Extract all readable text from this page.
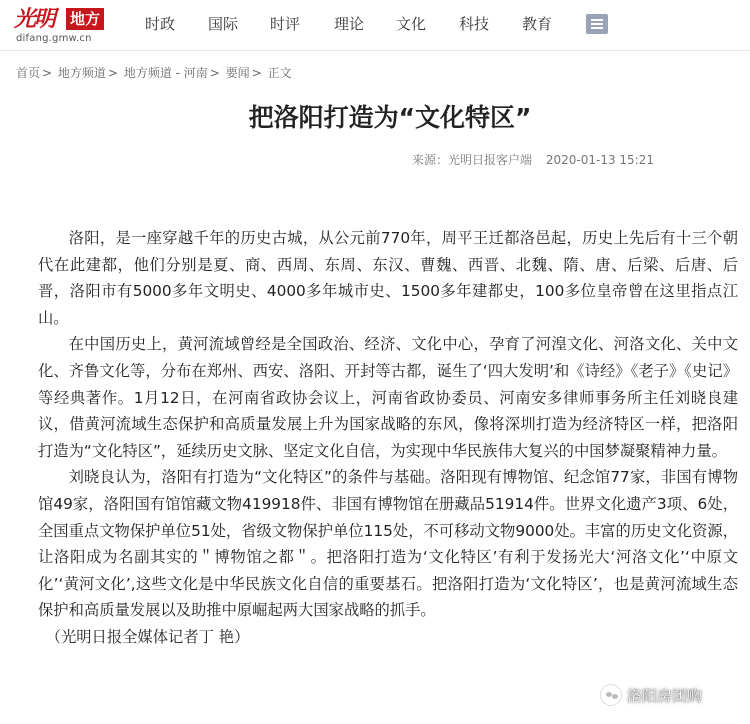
光明 地方
difang.gmw.cn
时政 国际 时评 理论 文化 科技 教育
首页 > 地方频道 > 地方频道 - 河南 > 要闻 > 正文
把洛阳打造为“文化特区”
来源：光明日报客户端 2020-01-13 15:21

洛阳，是一座穿越千年的历史古城，从公元前770年，周平王迁都洛邑起，历史上先后有十三个朝代在此建都，他们分别是夏、商、西周、东周、东汉、曹魏、西晋、北魏、隋、唐、后梁、后唐、后晋，洛阳市有5000多年文明史、4000多年城市史、1500多年建都史，100多位皇帝曾在这里指点江山。

在中国历史上，黄河流域曾经是全国政治、经济、文化中心，孕育了河湟文化、河洛文化、关中文化、齐鲁文化等，分布在郑州、西安、洛阳、开封等古都，诞生了‘四大发明’和《诗经》《老子》《史记》等经典著作。1月12日，在河南省政协会议上，河南省政协委员、河南安多律师事务所主任刘晓良建议，借黄河流域生态保护和高质量发展上升为国家战略的东风，像将深圳打造为经济特区一样，把洛阳打造为“文化特区”，延续历史文脉、坚定文化自信，为实现中华民族伟大复兴的中国梦凝聚精神力量。

刘晓良认为，洛阳有打造为“文化特区”的条件与基础。洛阳现有博物馆、纪念馆77家，非国有博物馆49家，洛阳国有馆馆藏文物419918件、非国有博物馆在册藏品51914件。世界文化遗产3项、6处，全国重点文物保护单位51处，省级文物保护单位115处，不可移动文物9000处。丰富的历史文化资源，让洛阳成为名副其实的＂博物馆之都＂。把洛阳打造为‘文化特区’有利于发扬光大‘河洛文化’‘中原文化’‘黄河文化’,这些文化是中华民族文化自信的重要基石。把洛阳打造为‘文化特区’，也是黄河流域生态保护和高质量发展以及助推中原崛起两大国家战略的抓手。

（光明日报全媒体记者丁 艳）

洛阳房团购
